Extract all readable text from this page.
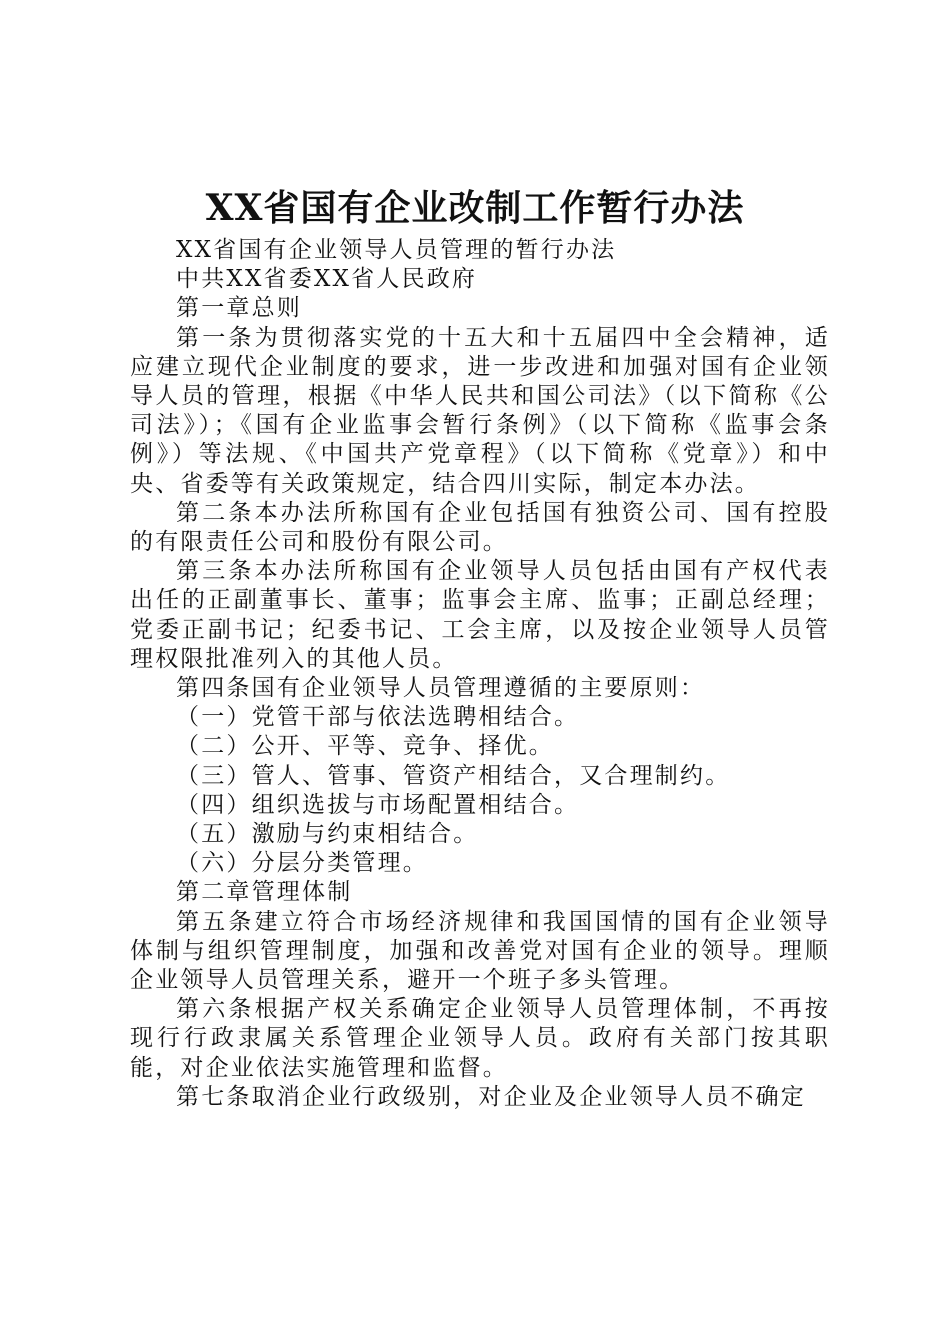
XX省国有企业改制工作暂行办法

XX省国有企业领导人员管理的暂行办法

中共XX省委XX省人民政府

第一章总则

第一条为贯彻落实党的十五大和十五届四中全会精神，适应建立现代企业制度的要求，进一步改进和加强对国有企业领导人员的管理，根据《中华人民共和国公司法》（以下简称《公司法》）；《国有企业监事会暂行条例》（以下简称《监事会条例》）等法规、《中国共产党章程》（以下简称《党章》）和中央、省委等有关政策规定，结合四川实际，制定本办法。

第二条本办法所称国有企业包括国有独资公司、国有控股的有限责任公司和股份有限公司。

第三条本办法所称国有企业领导人员包括由国有产权代表出任的正副董事长、董事；监事会主席、监事；正副总经理；党委正副书记；纪委书记、工会主席，以及按企业领导人员管理权限批准列入的其他人员。

第四条国有企业领导人员管理遵循的主要原则：

（一）党管干部与依法选聘相结合。

（二）公开、平等、竞争、择优。

（三）管人、管事、管资产相结合，又合理制约。

（四）组织选拔与市场配置相结合。

（五）激励与约束相结合。

（六）分层分类管理。

第二章管理体制

第五条建立符合市场经济规律和我国国情的国有企业领导体制与组织管理制度，加强和改善党对国有企业的领导。理顺企业领导人员管理关系，避开一个班子多头管理。

第六条根据产权关系确定企业领导人员管理体制，不再按现行行政隶属关系管理企业领导人员。政府有关部门按其职能，对企业依法实施管理和监督。

第七条取消企业行政级别，对企业及企业领导人员不确定
